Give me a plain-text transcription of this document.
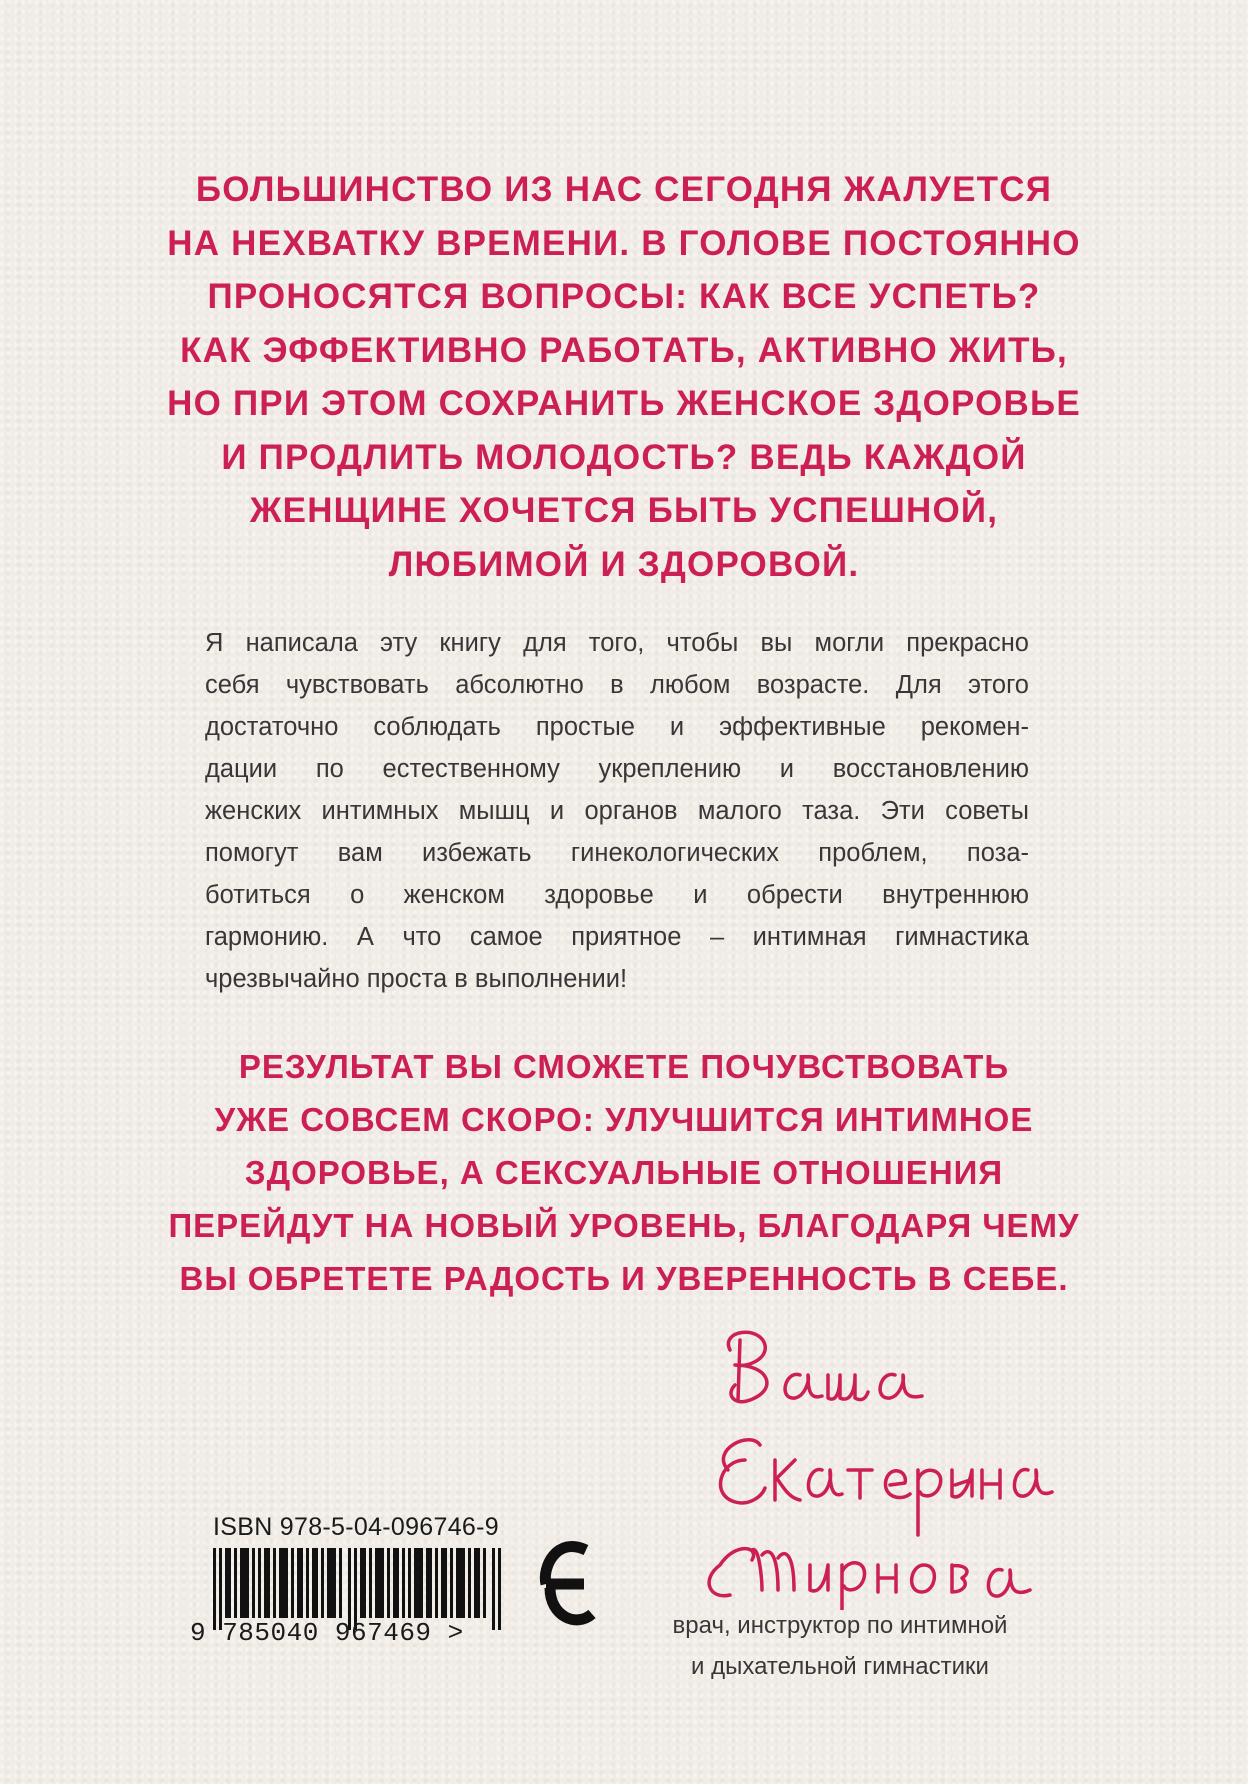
БОЛЬШИНСТВО ИЗ НАС СЕГОДНЯ ЖАЛУЕТСЯ
НА НЕХВАТКУ ВРЕМЕНИ. В ГОЛОВЕ ПОСТОЯННО
ПРОНОСЯТСЯ ВОПРОСЫ: КАК ВСЕ УСПЕТЬ?
КАК ЭФФЕКТИВНО РАБОТАТЬ, АКТИВНО ЖИТЬ,
НО ПРИ ЭТОМ СОХРАНИТЬ ЖЕНСКОЕ ЗДОРОВЬЕ
И ПРОДЛИТЬ МОЛОДОСТЬ? ВЕДЬ КАЖДОЙ
ЖЕНЩИНЕ ХОЧЕТСЯ БЫТЬ УСПЕШНОЙ,
ЛЮБИМОЙ И ЗДОРОВОЙ.

Я написала эту книгу для того, чтобы вы могли прекрасно
себя чувствовать абсолютно в любом возрасте. Для этого
достаточно соблюдать простые и эффективные рекомен-
дации по естественному укреплению и восстановлению
женских интимных мышц и органов малого таза. Эти советы
помогут вам избежать гинекологических проблем, поза-
ботиться о женском здоровье и обрести внутреннюю
гармонию. А что самое приятное – интимная гимнастика
чрезвычайно проста в выполнении!

РЕЗУЛЬТАТ ВЫ СМОЖЕТЕ ПОЧУВСТВОВАТЬ
УЖЕ СОВСЕМ СКОРО: УЛУЧШИТСЯ ИНТИМНОЕ
ЗДОРОВЬЕ, А СЕКСУАЛЬНЫЕ ОТНОШЕНИЯ
ПЕРЕЙДУТ НА НОВЫЙ УРОВЕНЬ, БЛАГОДАРЯ ЧЕМУ
ВЫ ОБРЕТЕТЕ РАДОСТЬ И УВЕРЕННОСТЬ В СЕБЕ.

врач, инструктор по интимной
и дыхательной гимнастики

ISBN 978-5-04-096746-9
9 785040 967469 >
